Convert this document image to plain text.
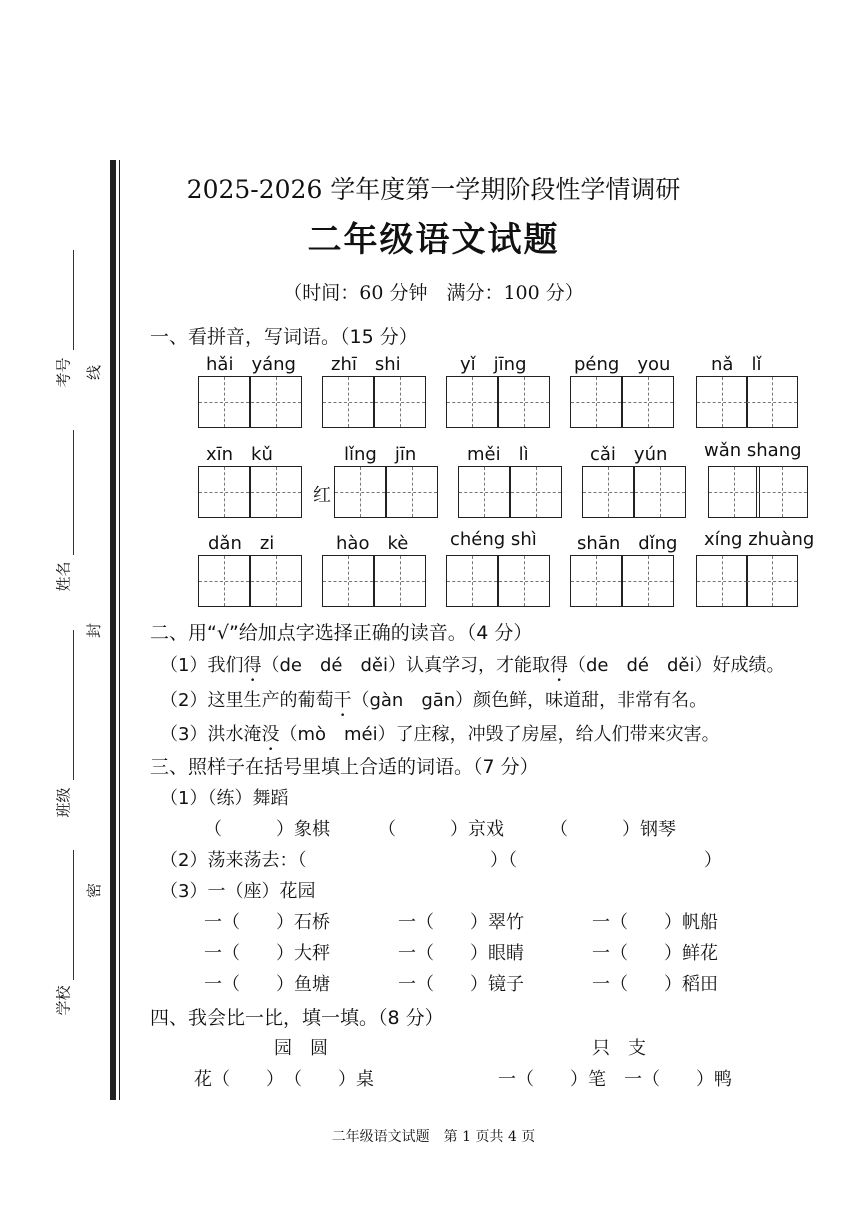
考号
姓名
班级
学校
线
封
密
2025-2026 学年度第一学期阶段性学情调研
二年级语文试题
（时间：60 分钟　满分：100 分）
一、看拼音，写词语。（15 分）
hǎi　yáng zhī　shi	yǐ　jīng	péng　you nǎ　lǐ
xīn　kǔ	lǐng　jīn	měi　lì	cǎi　yún wǎn shang
红
dǎn　zi	hào　kè chéng shì shān　dǐng xíng zhuàng
二、用“√”给加点字选择正确的读音。（4 分）
（1）我们得（de　dé　děi）认真学习，才能取得（de　dé　děi）好成绩。
（2）这里生产的葡萄干（gàn　gān）颜色鲜，味道甜，非常有名。
（3）洪水淹没（mò　méi）了庄稼，冲毁了房屋，给人们带来灾害。
三、照样子在括号里填上合适的词语。（7 分）
（1）（练）舞蹈
（　　　）象棋	（　　　）京戏	（　　　）钢琴
（2）荡来荡去：（	）（	）
（3）一（座）花园
一（　　）石桥	一（　　）翠竹	一（　　）帆船
一（　　）大秤	一（　　）眼睛	一（　　）鲜花
一（　　）鱼塘	一（　　）镜子	一（　　）稻田
四、我会比一比，填一填。（8 分）
园　圆	只　支
花（　　）　（　　）桌	一（　　）笔　一（　　）鸭
二年级语文试题　第 1 页共 4 页
